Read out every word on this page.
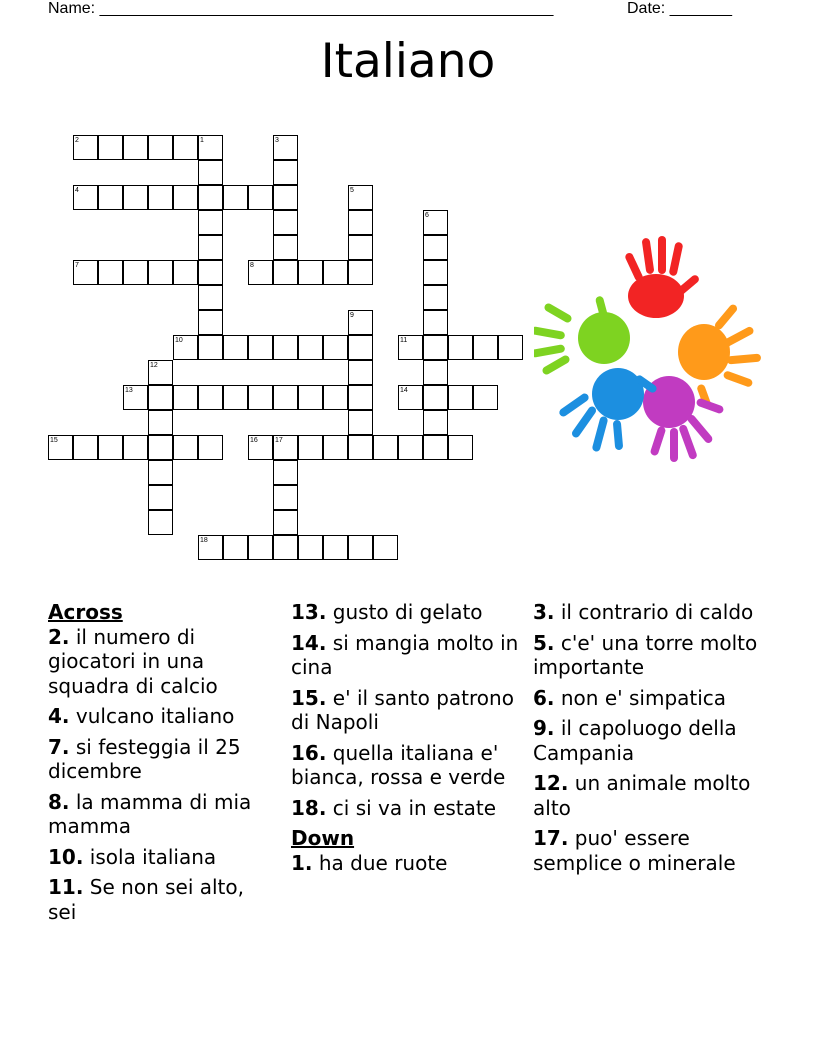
Name: ___________________________________________________	Date: _______
Italiano
1
2	3
4	5
6
7	8
9
10	11
12
13	14
15	16 17
18
Across
2. il numero di giocatori in una squadra di calcio
4. vulcano italiano
7. si festeggia il 25 dicembre
8. la mamma di mia mamma
10. isola italiana
11. Se non sei alto, sei
13. gusto di gelato
14. si mangia molto in cina
15. e' il santo patrono di Napoli
16. quella italiana e' bianca, rossa e verde
18. ci si va in estate
Down
1. ha due ruote
3. il contrario di caldo
5. c'e' una torre molto importante
6. non e' simpatica
9. il capoluogo della Campania
12. un animale molto alto
17. puo' essere semplice o minerale
